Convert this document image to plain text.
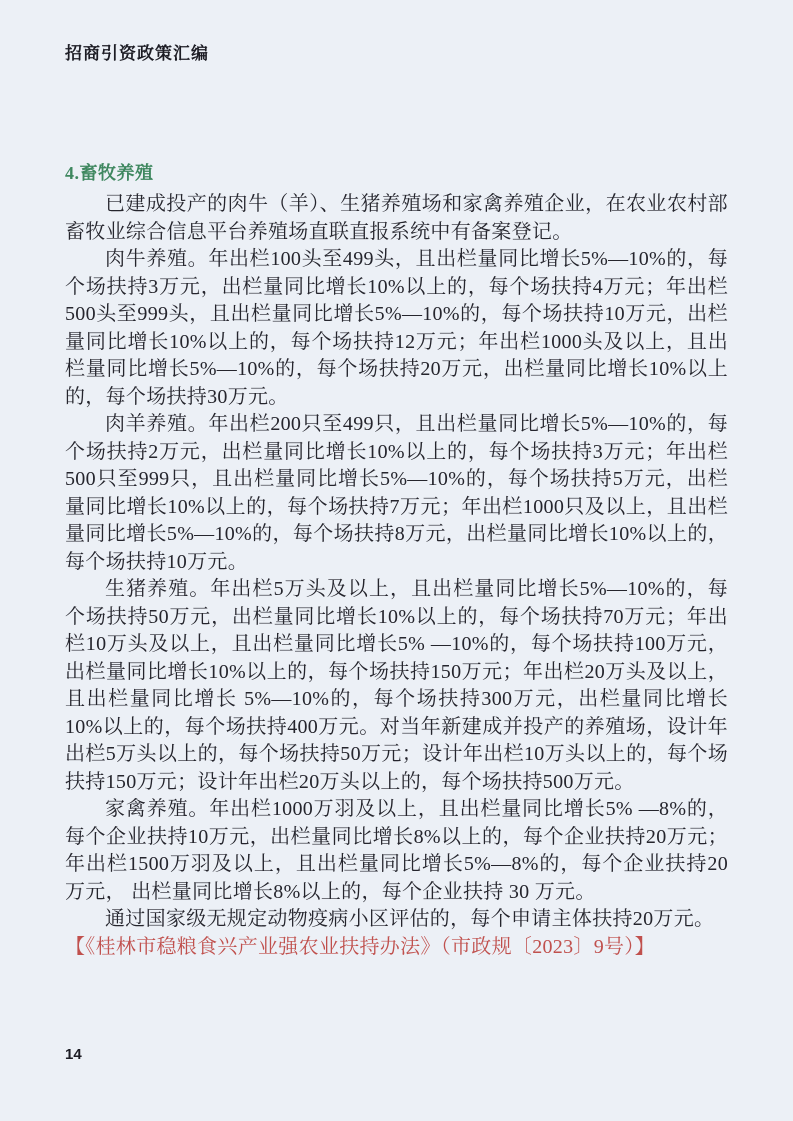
招商引资政策汇编
4.畜牧养殖

已建成投产的肉牛（羊）、生猪养殖场和家禽养殖企业，在农业农村部畜牧业综合信息平台养殖场直联直报系统中有备案登记。

肉牛养殖。年出栏100头至499头，且出栏量同比增长5%—10%的，每个场扶持3万元，出栏量同比增长10%以上的，每个场扶持4万元；年出栏500头至999头，且出栏量同比增长5%—10%的，每个场扶持10万元，出栏量同比增长10%以上的，每个场扶持12万元；年出栏1000头及以上，且出栏量同比增长5%—10%的，每个场扶持20万元，出栏量同比增长10%以上的，每个场扶持30万元。

肉羊养殖。年出栏200只至499只，且出栏量同比增长5%—10%的，每个场扶持2万元，出栏量同比增长10%以上的，每个场扶持3万元；年出栏500只至999只，且出栏量同比增长5%—10%的，每个场扶持5万元，出栏量同比增长10%以上的，每个场扶持7万元；年出栏1000只及以上，且出栏量同比增长5%—10%的，每个场扶持8万元，出栏量同比增长10%以上的，每个场扶持10万元。

生猪养殖。年出栏5万头及以上，且出栏量同比增长5%—10%的，每个场扶持50万元，出栏量同比增长10%以上的，每个场扶持70万元；年出栏10万头及以上，且出栏量同比增长5% —10%的，每个场扶持100万元，出栏量同比增长10%以上的，每个场扶持150万元；年出栏20万头及以上，且出栏量同比增长 5%—10%的，每个场扶持300万元，出栏量同比增长10%以上的，每个场扶持400万元。对当年新建成并投产的养殖场，设计年出栏5万头以上的，每个场扶持50万元；设计年出栏10万头以上的，每个场扶持150万元；设计年出栏20万头以上的，每个场扶持500万元。

家禽养殖。年出栏1000万羽及以上，且出栏量同比增长5% —8%的，每个企业扶持10万元，出栏量同比增长8%以上的，每个企业扶持20万元；年出栏1500万羽及以上，且出栏量同比增长5%—8%的，每个企业扶持20万元， 出栏量同比增长8%以上的，每个企业扶持 30 万元。

通过国家级无规定动物疫病小区评估的，每个申请主体扶持20万元。

【《桂林市稳粮食兴产业强农业扶持办法》（市政规〔2023〕9号）】

14
